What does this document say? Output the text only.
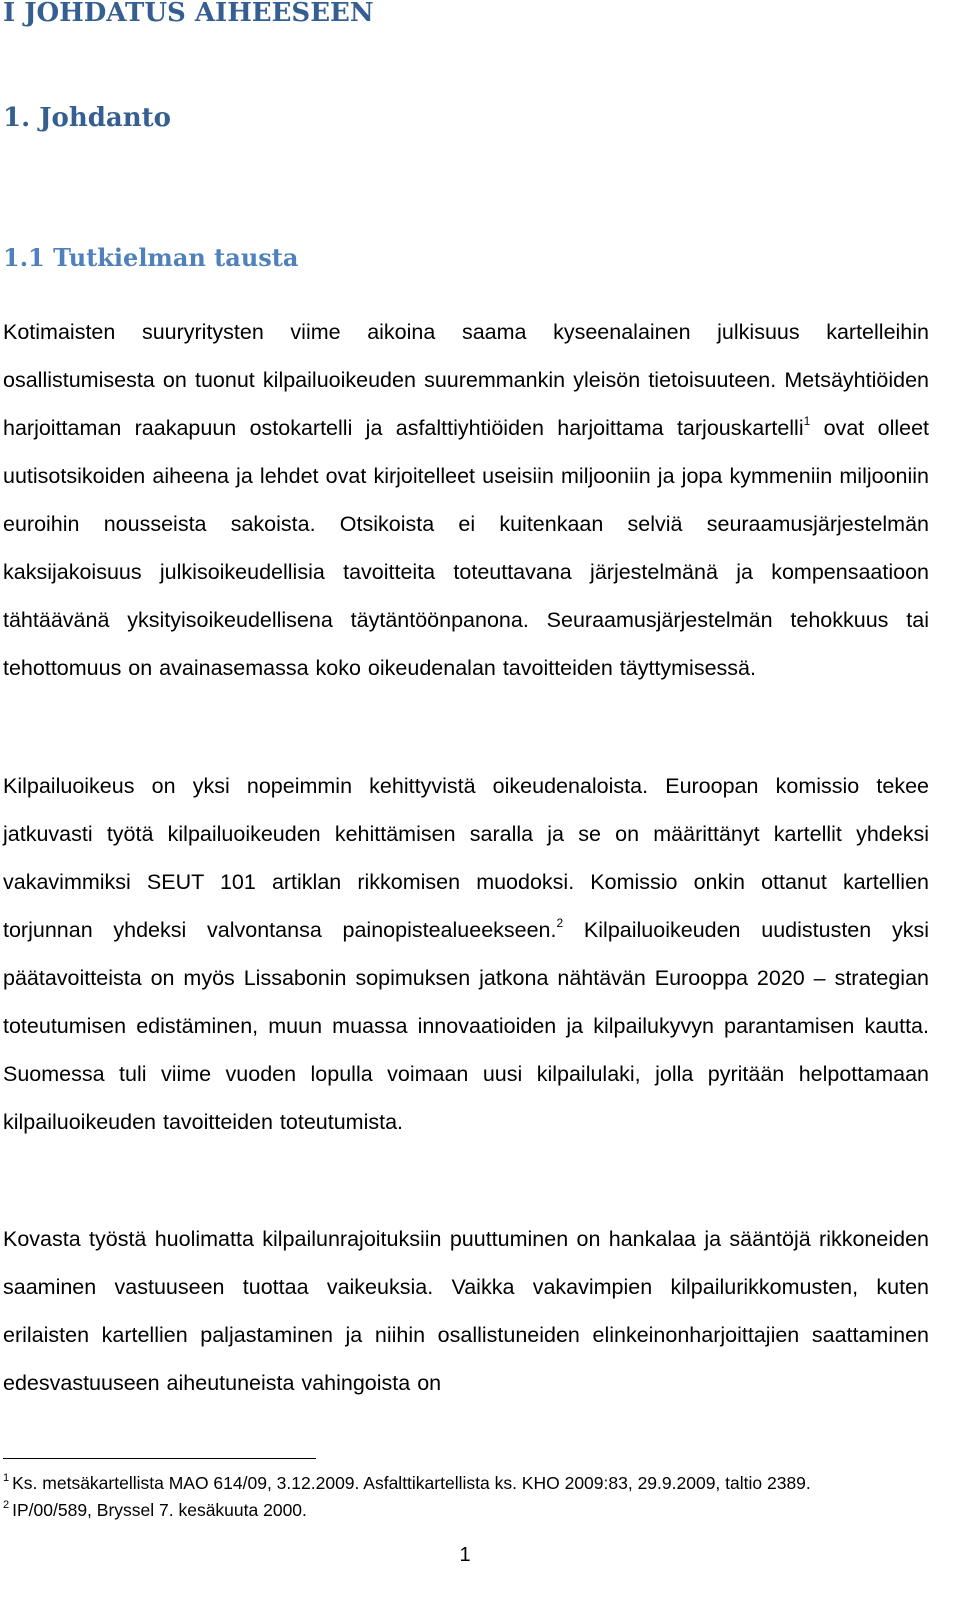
I JOHDATUS AIHEESEEN
1. Johdanto
1.1 Tutkielman tausta

Kotimaisten suuryritysten viime aikoina saama kyseenalainen julkisuus kartelleihin osallistumisesta on tuonut kilpailuoikeuden suuremmankin yleisön tietoisuuteen. Metsäyhtiöiden harjoittaman raakapuun ostokartelli ja asfalttiyhtiöiden harjoittama tarjouskartelli$^1$ ovat olleet uutisotsikoiden aiheena ja lehdet ovat kirjoitelleet useisiin miljooniin ja jopa kymmeniin miljooniin euroihin nousseista sakoista. Otsikoista ei kuitenkaan selviä seuraamusjärjestelmän kaksijakoisuus julkisoikeudellisia tavoitteita toteuttavana järjestelmänä ja kompensaatioon tähtäävänä yksityisoikeudellisena täytäntöönpanona. Seuraamusjärjestelmän tehokkuus tai tehottomuus on avainasemassa koko oikeudenalan tavoitteiden täyttymisessä.

Kilpailuoikeus on yksi nopeimmin kehittyvistä oikeudenaloista. Euroopan komissio tekee jatkuvasti työtä kilpailuoikeuden kehittämisen saralla ja se on määrittänyt kartellit yhdeksi vakavimmiksi SEUT 101 artiklan rikkomisen muodoksi. Komissio onkin ottanut kartellien torjunnan yhdeksi valvontansa painopistealueekseen.$^2$ Kilpailuoikeuden uudistusten yksi päätavoitteista on myös Lissabonin sopimuksen jatkona nähtävän Eurooppa 2020 – strategian toteutumisen edistäminen, muun muassa innovaatioiden ja kilpailukyvyn parantamisen kautta. Suomessa tuli viime vuoden lopulla voimaan uusi kilpailulaki, jolla pyritään helpottamaan kilpailuoikeuden tavoitteiden toteutumista.

Kovasta työstä huolimatta kilpailunrajoituksiin puuttuminen on hankalaa ja sääntöjä rikkoneiden saaminen vastuuseen tuottaa vaikeuksia. Vaikka vakavimpien kilpailurikkomusten, kuten erilaisten kartellien paljastaminen ja niihin osallistuneiden elinkeinonharjoittajien saattaminen edesvastuuseen aiheutuneista vahingoista on

$^1$ Ks. metsäkartellista MAO 614/09, 3.12.2009. Asfalttikartellista ks. KHO 2009:83, 29.9.2009, taltio 2389.

$^2$ IP/00/589, Bryssel 7. kesäkuuta 2000.

1
